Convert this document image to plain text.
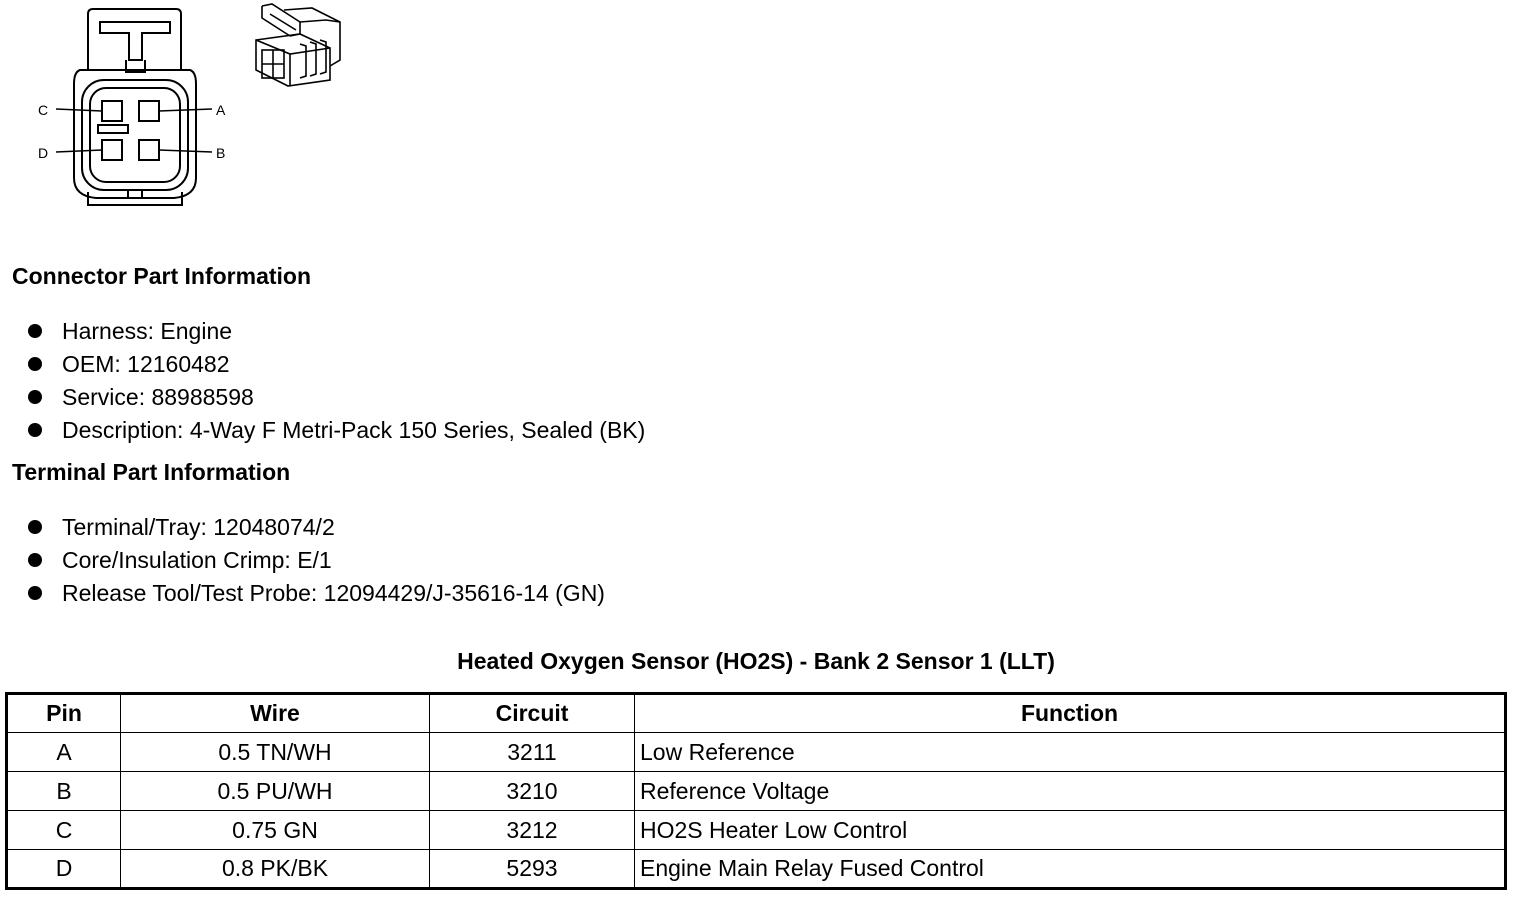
C	A
D	B
Connector Part Information
Harness: Engine
OEM: 12160482
Service: 88988598
Description: 4-Way F Metri-Pack 150 Series, Sealed (BK)
Terminal Part Information
Terminal/Tray: 12048074/2
Core/Insulation Crimp: E/1
Release Tool/Test Probe: 12094429/J-35616-14 (GN)
Heated Oxygen Sensor (HO2S) - Bank 2 Sensor 1 (LLT)
Pin	Wire	Circuit	Function
A	0.5 TN/WH	3211	Low Reference
B	0.5 PU/WH	3210	Reference Voltage
C	0.75 GN	3212	HO2S Heater Low Control
D	0.8 PK/BK	5293	Engine Main Relay Fused Control
